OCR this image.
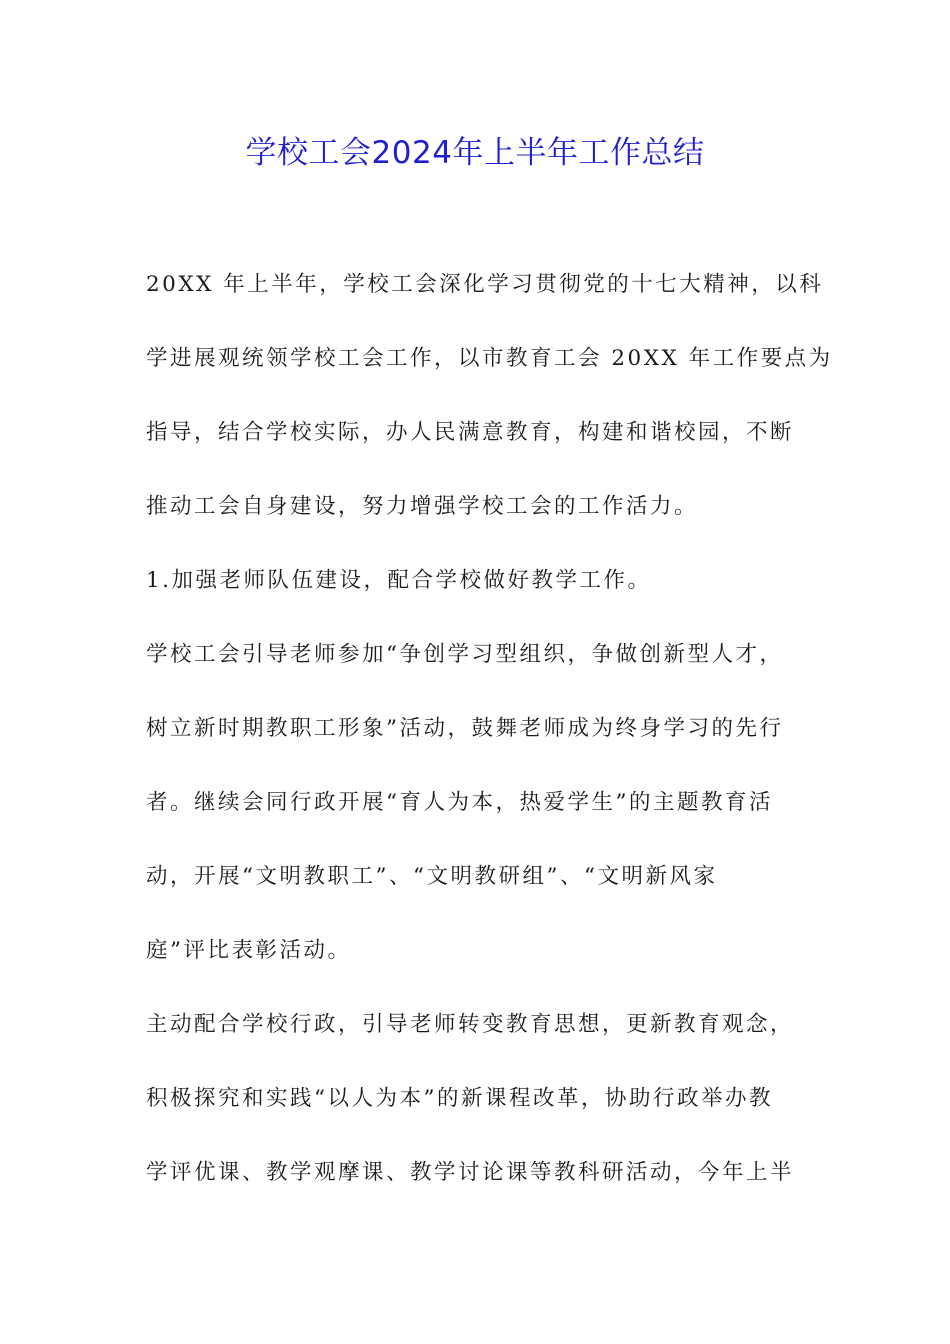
学校工会2024年上半年工作总结
20XX 年上半年，学校工会深化学习贯彻党的十七大精神，以科
学进展观统领学校工会工作，以市教育工会 20XX 年工作要点为
指导，结合学校实际，办人民满意教育，构建和谐校园，不断
推动工会自身建设，努力增强学校工会的工作活力。
1.加强老师队伍建设，配合学校做好教学工作。
学校工会引导老师参加“争创学习型组织，争做创新型人才，
树立新时期教职工形象”活动，鼓舞老师成为终身学习的先行
者。继续会同行政开展“育人为本，热爱学生”的主题教育活
动，开展“文明教职工”、“文明教研组”、“文明新风家
庭”评比表彰活动。
主动配合学校行政，引导老师转变教育思想，更新教育观念，
积极探究和实践“以人为本”的新课程改革，协助行政举办教
学评优课、教学观摩课、教学讨论课等教科研活动，今年上半
